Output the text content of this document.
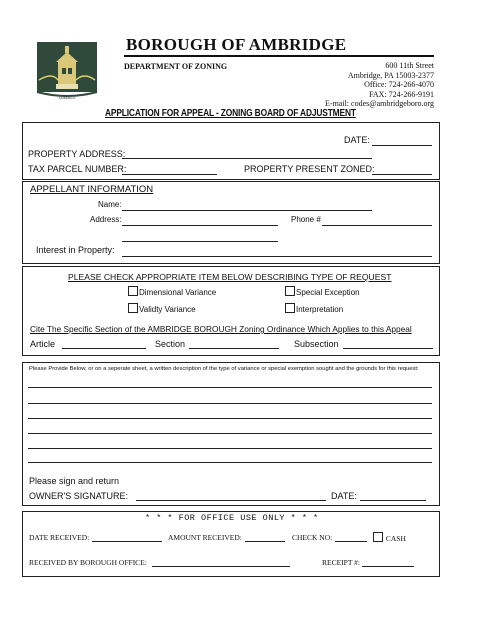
AMBRIDGE
BOROUGH OF AMBRIDGE
DEPARTMENT OF ZONING	600 11th Street
Ambridge, PA 15003-2377
Office: 724-266-4070
FAX: 724-266-9191
E-mail: codes@ambridgeboro.org
APPLICATION FOR APPEAL - ZONING BOARD OF ADJUSTMENT
DATE:
PROPERTY ADDRESS:
TAX PARCEL NUMBER:	PROPERTY PRESENT ZONED:
APPELLANT INFORMATION
Name:
Address:	Phone #
Interest in Property:
PLEASE CHECK APPROPRIATE ITEM BELOW DESCRIBING TYPE OF REQUEST
Dimensional Variance	Special Exception
Validty Variance	Interpretation
Cite The Specific Section of the AMBRIDGE BOROUGH Zoning Ordinance Which Applies to this Appeal
Article	Section	Subsection
Please Provide Below, or on a seperate sheet, a written description of the type of variance or special exemption sought and the grounds for this request:
Please sign and return
OWNER'S SIGNATURE:	DATE:
* * * FOR OFFICE USE ONLY * * *
DATE RECEIVED:	AMOUNT RECEIVED:	CHECK NO:	CASH
RECEIVED BY BOROUGH OFFICE:	RECEIPT #:
